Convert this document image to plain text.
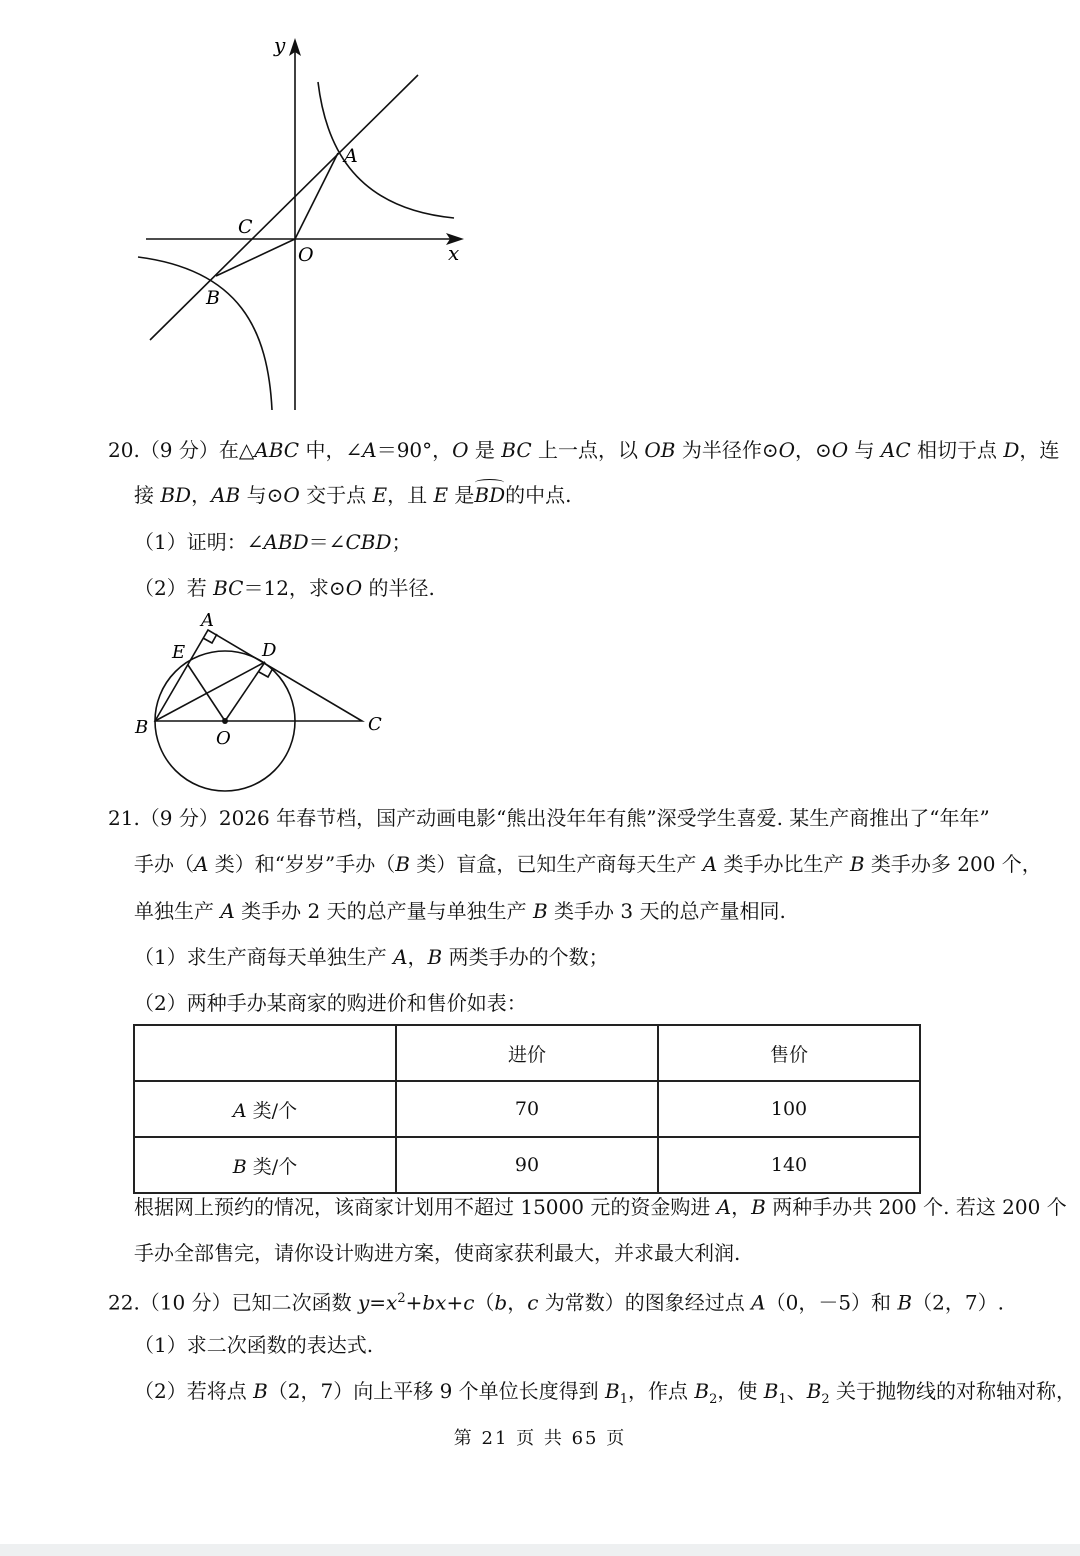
y
x
A
C
O
B
20.（9 分）在△ABC 中，∠A＝90°，O 是 BC 上一点，以 OB 为半径作⊙O，⊙O 与 AC 相切于点 D，连
接 BD，AB 与⊙O 交于点 E，且 E 是BD的中点.
（1）证明：∠ABD＝∠CBD；
（2）若 BC＝12，求⊙O 的半径.
A
E	D
B
O
C
21.（9 分）2026 年春节档，国产动画电影“熊出没年年有熊”深受学生喜爱. 某生产商推出了“年年”
手办（A 类）和“岁岁”手办（B 类）盲盒，已知生产商每天生产 A 类手办比生产 B 类手办多 200 个，
单独生产 A 类手办 2 天的总产量与单独生产 B 类手办 3 天的总产量相同.
（1）求生产商每天单独生产 A，B 两类手办的个数；
（2）两种手办某商家的购进价和售价如表：
	进价	售价
A 类/个	70	100
B 类/个	90	140
根据网上预约的情况，该商家计划用不超过 15000 元的资金购进 A，B 两种手办共 200 个. 若这 200 个
手办全部售完，请你设计购进方案，使商家获利最大，并求最大利润.
22.（10 分）已知二次函数 $y=x^2+bx+c(b$，c 为常数）的图象经过点 A（0，－5）和 B（2，7）.
（1）求二次函数的表达式.
（2）若将点 B（2，7）向上平移 9 个单位长度得到 $B_1$，作点 $B_2$，使 $B_1$、$B_2$ 关于抛物线的对称轴对称，
第 21 页 共 65 页
